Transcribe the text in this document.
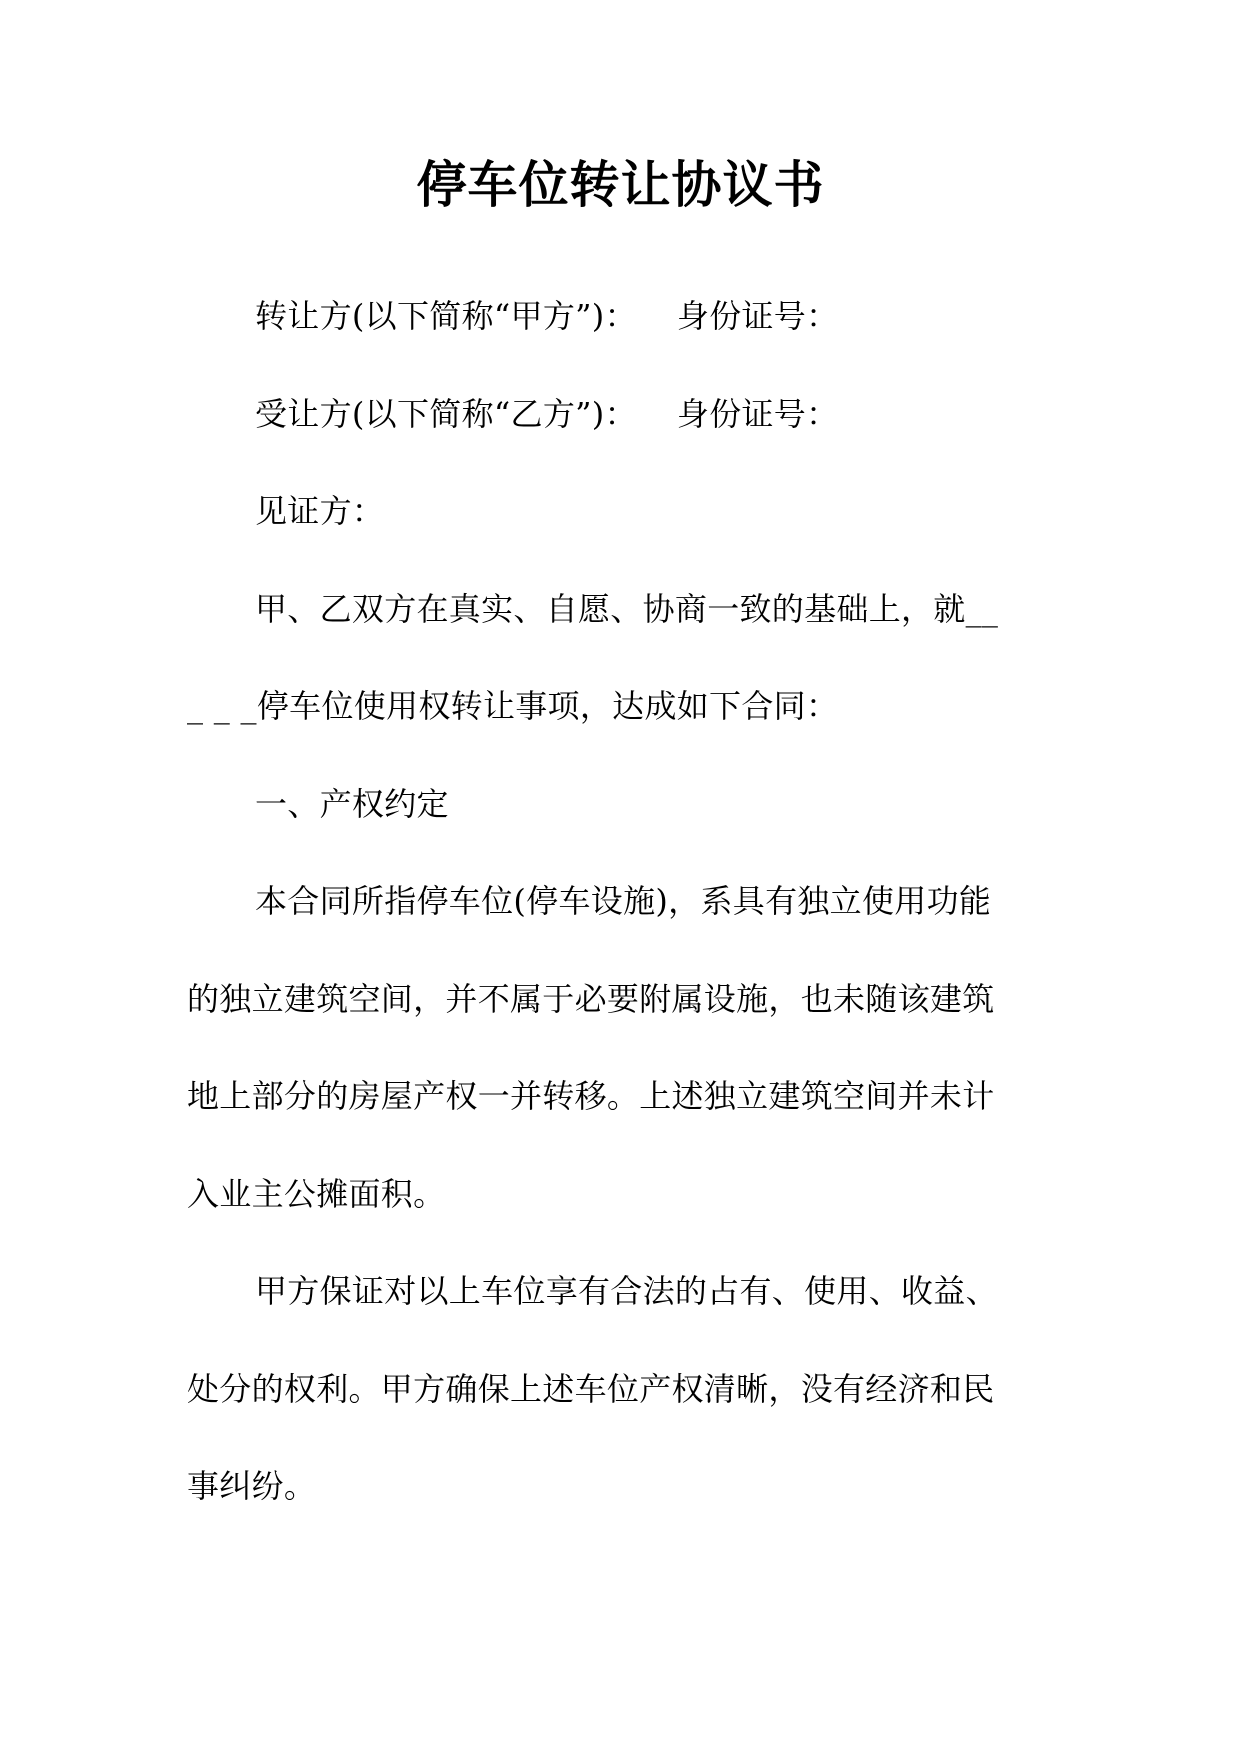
停车位转让协议书
转让方(以下简称“甲方”)： 身份证号：
受让方(以下简称“乙方”)： 身份证号：
见证方：
甲、乙双方在真实、自愿、协商一致的基础上，就__
_ _ _停车位使用权转让事项，达成如下合同：
一、产权约定
本合同所指停车位(停车设施)，系具有独立使用功能
的独立建筑空间，并不属于必要附属设施，也未随该建筑
地上部分的房屋产权一并转移。上述独立建筑空间并未计
入业主公摊面积。
甲方保证对以上车位享有合法的占有、使用、收益、
处分的权利。甲方确保上述车位产权清晰，没有经济和民
事纠纷。
